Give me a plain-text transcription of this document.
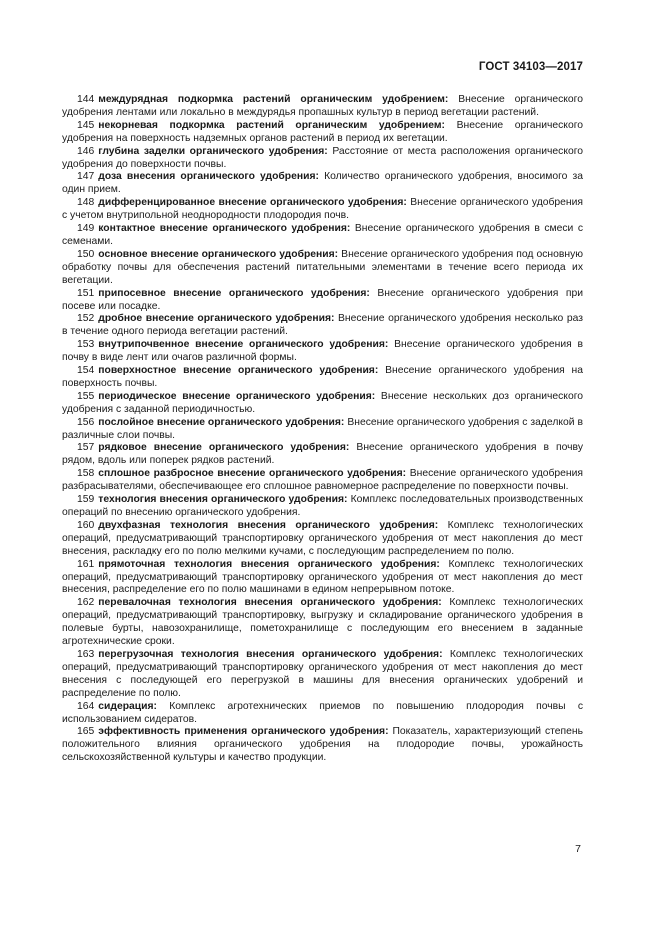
ГОСТ 34103—2017

144 междурядная подкормка растений органическим удобрением: Внесение органического удобрения лентами или локально в междурядья пропашных культур в период вегетации растений.

145 некорневая подкормка растений органическим удобрением: Внесение органического удобрения на поверхность надземных органов растений в период их вегетации.

146 глубина заделки органического удобрения: Расстояние от места расположения органического удобрения до поверхности почвы.

147 доза внесения органического удобрения: Количество органического удобрения, вносимого за один прием.

148 дифференцированное внесение органического удобрения: Внесение органического удобрения с учетом внутрипольной неоднородности плодородия почв.

149 контактное внесение органического удобрения: Внесение органического удобрения в смеси с семенами.

150 основное внесение органического удобрения: Внесение органического удобрения под основную обработку почвы для обеспечения растений питательными элементами в течение всего периода их вегетации.

151 припосевное внесение органического удобрения: Внесение органического удобрения при посеве или посадке.

152 дробное внесение органического удобрения: Внесение органического удобрения несколько раз в течение одного периода вегетации растений.

153 внутрипочвенное внесение органического удобрения: Внесение органического удобрения в почву в виде лент или очагов различной формы.

154 поверхностное внесение органического удобрения: Внесение органического удобрения на поверхность почвы.

155 периодическое внесение органического удобрения: Внесение нескольких доз органического удобрения с заданной периодичностью.

156 послойное внесение органического удобрения: Внесение органического удобрения с заделкой в различные слои почвы.

157 рядковое внесение органического удобрения: Внесение органического удобрения в почву рядом, вдоль или поперек рядков растений.

158 сплошное разбросное внесение органического удобрения: Внесение органического удобрения разбрасывателями, обеспечивающее его сплошное равномерное распределение по поверхности почвы.

159 технология внесения органического удобрения: Комплекс последовательных производственных операций по внесению органического удобрения.

160 двухфазная технология внесения органического удобрения: Комплекс технологических операций, предусматривающий транспортировку органического удобрения от мест накопления до мест внесения, раскладку его по полю мелкими кучами, с последующим распределением по полю.

161 прямоточная технология внесения органического удобрения: Комплекс технологических операций, предусматривающий транспортировку органического удобрения от мест накопления до мест внесения, распределение его по полю машинами в едином непрерывном потоке.

162 перевалочная технология внесения органического удобрения: Комплекс технологических операций, предусматривающий транспортировку, выгрузку и складирование органического удобрения в полевые бурты, навозохранилище, пометохранилище с последующим его внесением в заданные агротехнические сроки.

163 перегрузочная технология внесения органического удобрения: Комплекс технологических операций, предусматривающий транспортировку органического удобрения от мест накопления до мест внесения с последующей его перегрузкой в машины для внесения органических удобрений и распределение по полю.

164 сидерация: Комплекс агротехнических приемов по повышению плодородия почвы с использованием сидератов.

165 эффективность применения органического удобрения: Показатель, характеризующий степень положительного влияния органического удобрения на плодородие почвы, урожайность сельскохозяйственной культуры и качество продукции.

7
